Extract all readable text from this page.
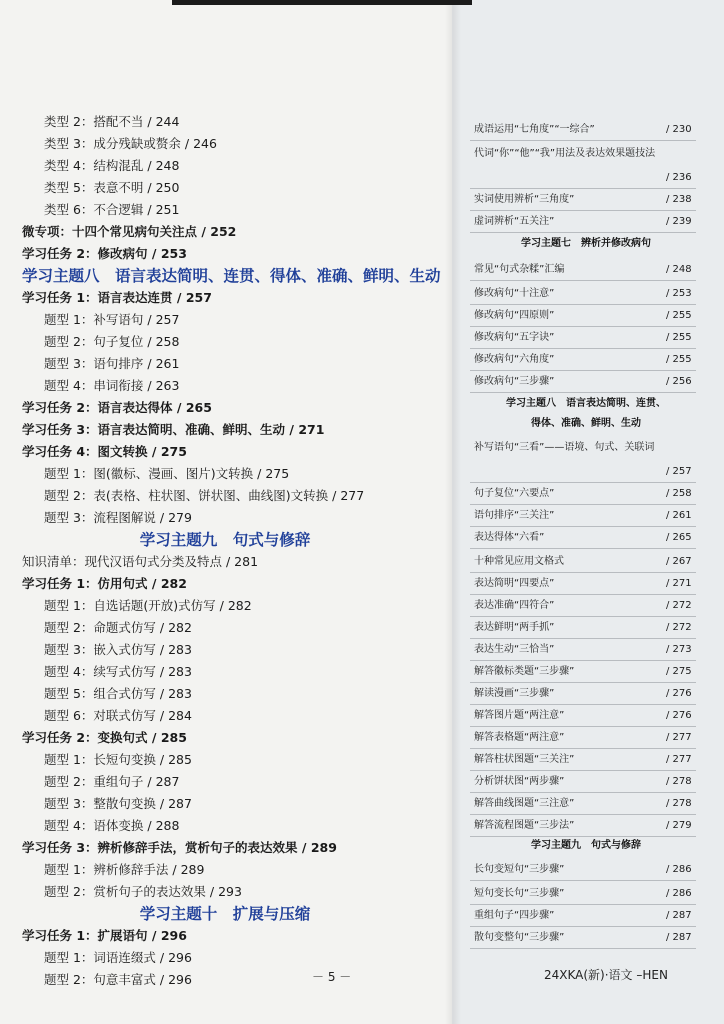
类型 2：搭配不当 / 244
类型 3：成分残缺或赘余 / 246
类型 4：结构混乱 / 248
类型 5：表意不明 / 250
类型 6：不合逻辑 / 251
微专项：十四个常见病句关注点 / 252
学习任务 2：修改病句 / 253
学习主题八　语言表达简明、连贯、得体、准确、鲜明、生动
学习任务 1：语言表达连贯 / 257
题型 1：补写语句 / 257
题型 2：句子复位 / 258
题型 3：语句排序 / 261
题型 4：串词衔接 / 263
学习任务 2：语言表达得体 / 265
学习任务 3：语言表达简明、准确、鲜明、生动 / 271
学习任务 4：图文转换 / 275
题型 1：图(徽标、漫画、图片)文转换 / 275
题型 2：表(表格、柱状图、饼状图、曲线图)文转换 / 277
题型 3：流程图解说 / 279
学习主题九　句式与修辞
知识清单：现代汉语句式分类及特点 / 281
学习任务 1：仿用句式 / 282
题型 1：自选话题(开放)式仿写 / 282
题型 2：命题式仿写 / 282
题型 3：嵌入式仿写 / 283
题型 4：续写式仿写 / 283
题型 5：组合式仿写 / 283
题型 6：对联式仿写 / 284
学习任务 2：变换句式 / 285
题型 1：长短句变换 / 285
题型 2：重组句子 / 287
题型 3：整散句变换 / 287
题型 4：语体变换 / 288
学习任务 3：辨析修辞手法，赏析句子的表达效果 / 289
题型 1：辨析修辞手法 / 289
题型 2：赏析句子的表达效果 / 293
学习主题十　扩展与压缩
学习任务 1：扩展语句 / 296
题型 1：词语连缀式 / 296
题型 2：句意丰富式 / 296
成语运用“七角度”“一综合”	/ 230
代词“你”“他”“我”用法及表达效果题技法
/ 236
实词使用辨析“三角度”	/ 238
虚词辨析“五关注”	/ 239
学习主题七　辨析并修改病句
常见“句式杂糅”汇编	/ 248
修改病句“十注意”	/ 253
修改病句“四原则”	/ 255
修改病句“五字诀”	/ 255
修改病句“六角度”	/ 255
修改病句“三步骤”	/ 256
学习主题八　语言表达简明、连贯、
得体、准确、鲜明、生动
补写语句“三看”——语境、句式、关联词
/ 257
句子复位“六要点”	/ 258
语句排序“三关注”	/ 261
表达得体“六看”	/ 265
十种常见应用文格式	/ 267
表达简明“四要点”	/ 271
表达准确“四符合”	/ 272
表达鲜明“两手抓”	/ 272
表达生动“三恰当”	/ 273
解答徽标类题“三步骤”	/ 275
解读漫画“三步骤”	/ 276
解答图片题“两注意”	/ 276
解答表格题“两注意”	/ 277
解答柱状图题“三关注”	/ 277
分析饼状图“两步骤”	/ 278
解答曲线图题“三注意”	/ 278
解答流程图题“三步法”	/ 279
学习主题九　句式与修辞
长句变短句“三步骤”	/ 286
短句变长句“三步骤”	/ 286
重组句子“四步骤”	/ 287
散句变整句“三步骤”	/ 287
－ 5 －	24XKA(新)·语文 –HEN
